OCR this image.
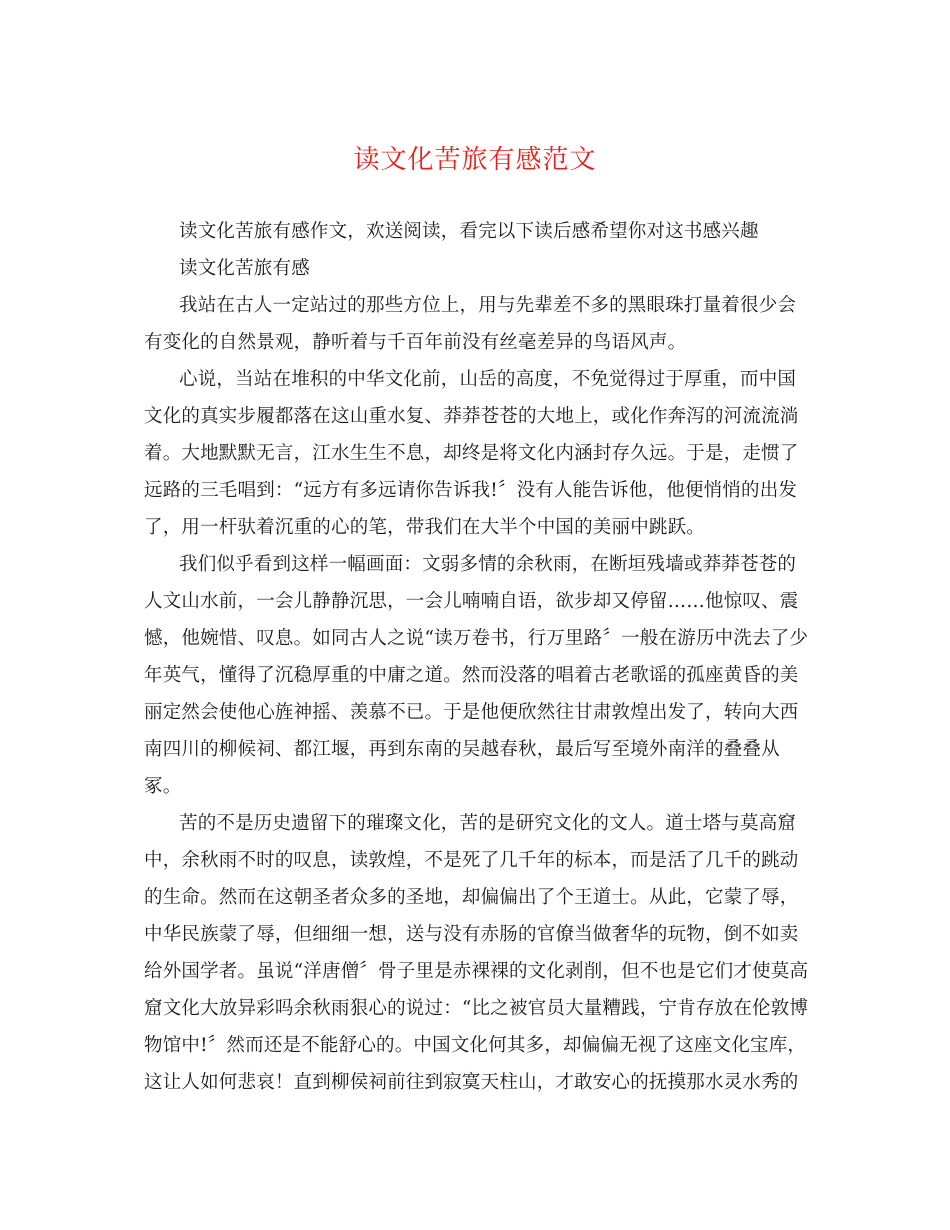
读文化苦旅有感范文
读文化苦旅有感作文，欢送阅读，看完以下读后感希望你对这书感兴趣
读文化苦旅有感
我站在古人一定站过的那些方位上，用与先辈差不多的黑眼珠打量着很少会
有变化的自然景观，静听着与千百年前没有丝毫差异的鸟语风声。
心说，当站在堆积的中华文化前，山岳的高度，不免觉得过于厚重，而中国
文化的真实步履都落在这山重水复、莽莽苍苍的大地上，或化作奔泻的河流流淌
着。大地默默无言，江水生生不息，却终是将文化内涵封存久远。于是，走惯了
远路的三毛唱到：“远方有多远请你告诉我!〞没有人能告诉他，他便悄悄的出发
了，用一杆驮着沉重的心的笔，带我们在大半个中国的美丽中跳跃。
我们似乎看到这样一幅画面：文弱多情的余秋雨，在断垣残墙或莽莽苍苍的
人文山水前，一会儿静静沉思，一会儿喃喃自语，欲步却又停留……他惊叹、震
憾，他婉惜、叹息。如同古人之说“读万卷书，行万里路〞一般在游历中洗去了少
年英气，懂得了沉稳厚重的中庸之道。然而没落的唱着古老歌谣的孤座黄昏的美
丽定然会使他心旌神摇、羡慕不已。于是他便欣然往甘肃敦煌出发了，转向大西
南四川的柳候祠、都江堰，再到东南的吴越春秋，最后写至境外南洋的叠叠从
冢。
苦的不是历史遗留下的璀璨文化，苦的是研究文化的文人。道士塔与莫高窟
中，余秋雨不时的叹息，读敦煌，不是死了几千年的标本，而是活了几千的跳动
的生命。然而在这朝圣者众多的圣地，却偏偏出了个王道士。从此，它蒙了辱，
中华民族蒙了辱，但细细一想，送与没有赤肠的官僚当做奢华的玩物，倒不如卖
给外国学者。虽说“洋唐僧〞骨子里是赤裸裸的文化剥削，但不也是它们才使莫高
窟文化大放异彩吗余秋雨狠心的说过：“比之被官员大量糟践，宁肯存放在伦敦博
物馆中!〞然而还是不能舒心的。中国文化何其多，却偏偏无视了这座文化宝库，
这让人如何悲哀！直到柳侯祠前往到寂寞天柱山，才敢安心的抚摸那水灵水秀的
